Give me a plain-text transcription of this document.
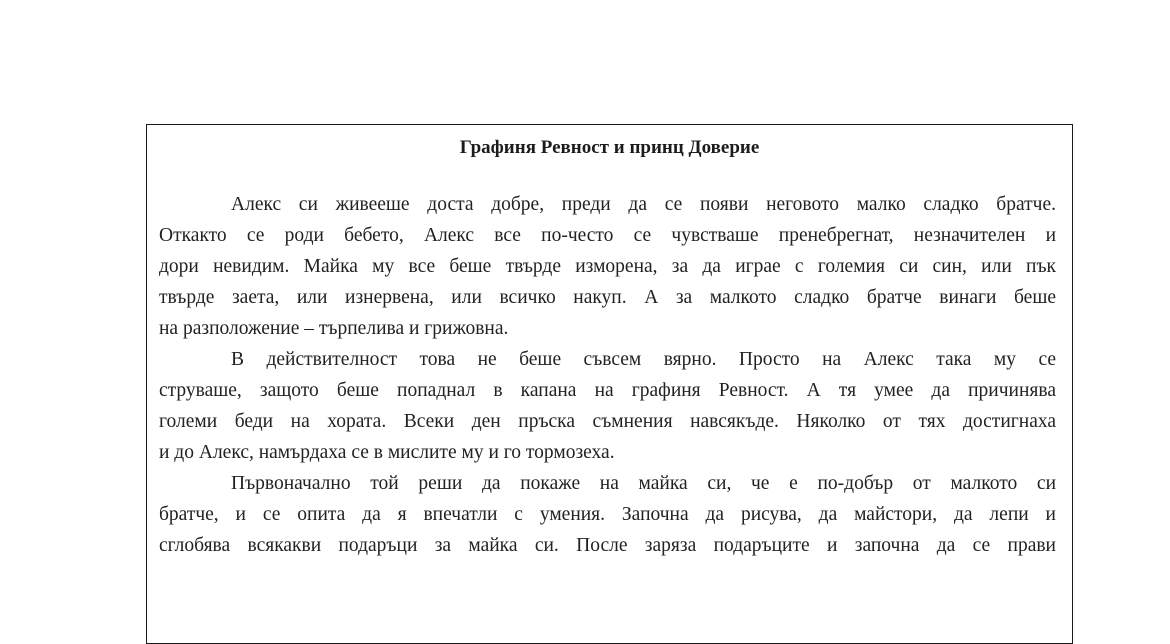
Графиня Ревност и принц Доверие
Алекс си живееше доста добре, преди да се появи неговото малко сладко братче.
Откакто се роди бебето, Алекс все по-често се чувстваше пренебрегнат, незначителен и
дори невидим. Майка му все беше твърде изморена, за да играе с големия си син, или пък
твърде заета, или изнервена, или всичко накуп. А за малкото сладко братче винаги беше
на разположение – търпелива и грижовна.
В действителност това не беше съвсем вярно. Просто на Алекс така му се
струваше, защото беше попаднал в капана на графиня Ревност. А тя умее да причинява
големи беди на хората. Всеки ден пръска съмнения навсякъде. Няколко от тях достигнаха
и до Алекс, намърдаха се в мислите му и го тормозеха.
Първоначално той реши да покаже на майка си, че е по-добър от малкото си
братче, и се опита да я впечатли с умения. Започна да рисува, да майстори, да лепи и
сглобява всякакви подаръци за майка си. После заряза подаръците и започна да се прави
